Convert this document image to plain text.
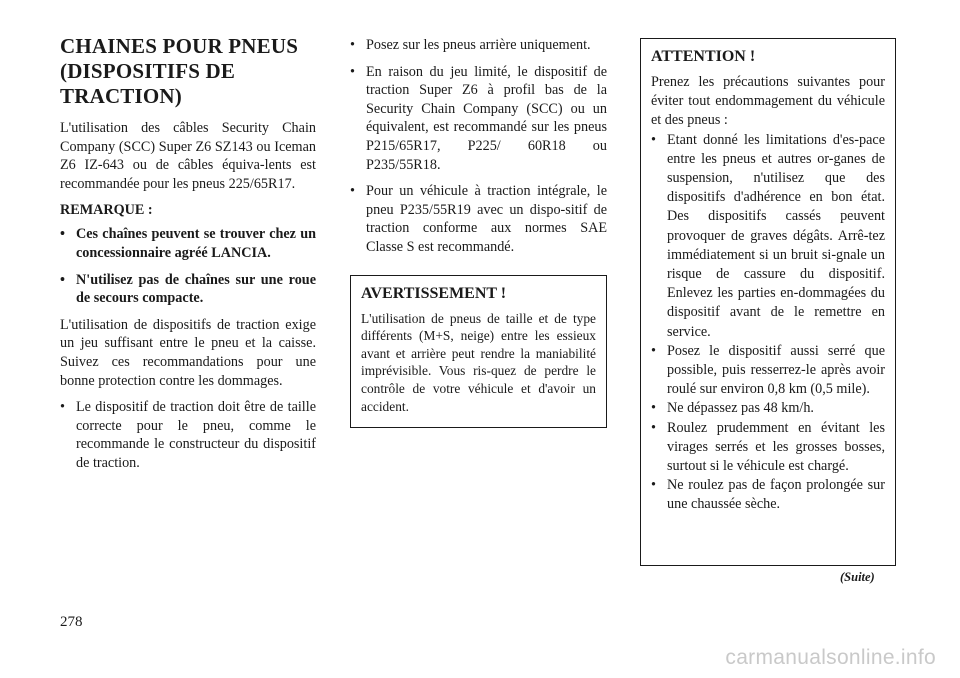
CHAINES POUR PNEUS (DISPOSITIFS DE TRACTION)

L'utilisation des câbles Security Chain Company (SCC) Super Z6 SZ143 ou Iceman Z6 IZ-643 ou de câbles équiva-lents est recommandée pour les pneus 225/65R17.

REMARQUE :
• Ces chaînes peuvent se trouver chez un concessionnaire agréé LANCIA.
• N'utilisez pas de chaînes sur une roue de secours compacte.

L'utilisation de dispositifs de traction exige un jeu suffisant entre le pneu et la caisse. Suivez ces recommandations pour une bonne protection contre les dommages.

• Le dispositif de traction doit être de taille correcte pour le pneu, comme le recommande le constructeur du dispositif de traction.
• Posez sur les pneus arrière uniquement.
• En raison du jeu limité, le dispositif de traction Super Z6 à profil bas de la Security Chain Company (SCC) ou un équivalent, est recommandé sur les pneus P215/65R17, P225/ 60R18 ou P235/55R18.
• Pour un véhicule à traction intégrale, le pneu P235/55R19 avec un dispo-sitif de traction conforme aux normes SAE Classe S est recommandé.
AVERTISSEMENT !

L'utilisation de pneus de taille et de type différents (M+S, neige) entre les essieux avant et arrière peut rendre la maniabilité imprévisible. Vous ris-quez de perdre le contrôle de votre véhicule et d'avoir un accident.

ATTENTION !

Prenez les précautions suivantes pour éviter tout endommagement du véhicule et des pneus :

• Etant donné les limitations d'es-pace entre les pneus et autres or-ganes de suspension, n'utilisez que des dispositifs d'adhérence en bon état. Des dispositifs cassés peuvent provoquer de graves dégâts. Arrê-tez immédiatement si un bruit si-gnale un risque de cassure du dispositif. Enlevez les parties en-dommagées du dispositif avant de le remettre en service.
• Posez le dispositif aussi serré que possible, puis resserrez-le après avoir roulé sur environ 0,8 km (0,5 mile).
• Ne dépassez pas 48 km/h.
• Roulez prudemment en évitant les virages serrés et les grosses bosses, surtout si le véhicule est chargé.
• Ne roulez pas de façon prolongée sur une chaussée sèche.
(Suite)
278
carmanualsonline.info
